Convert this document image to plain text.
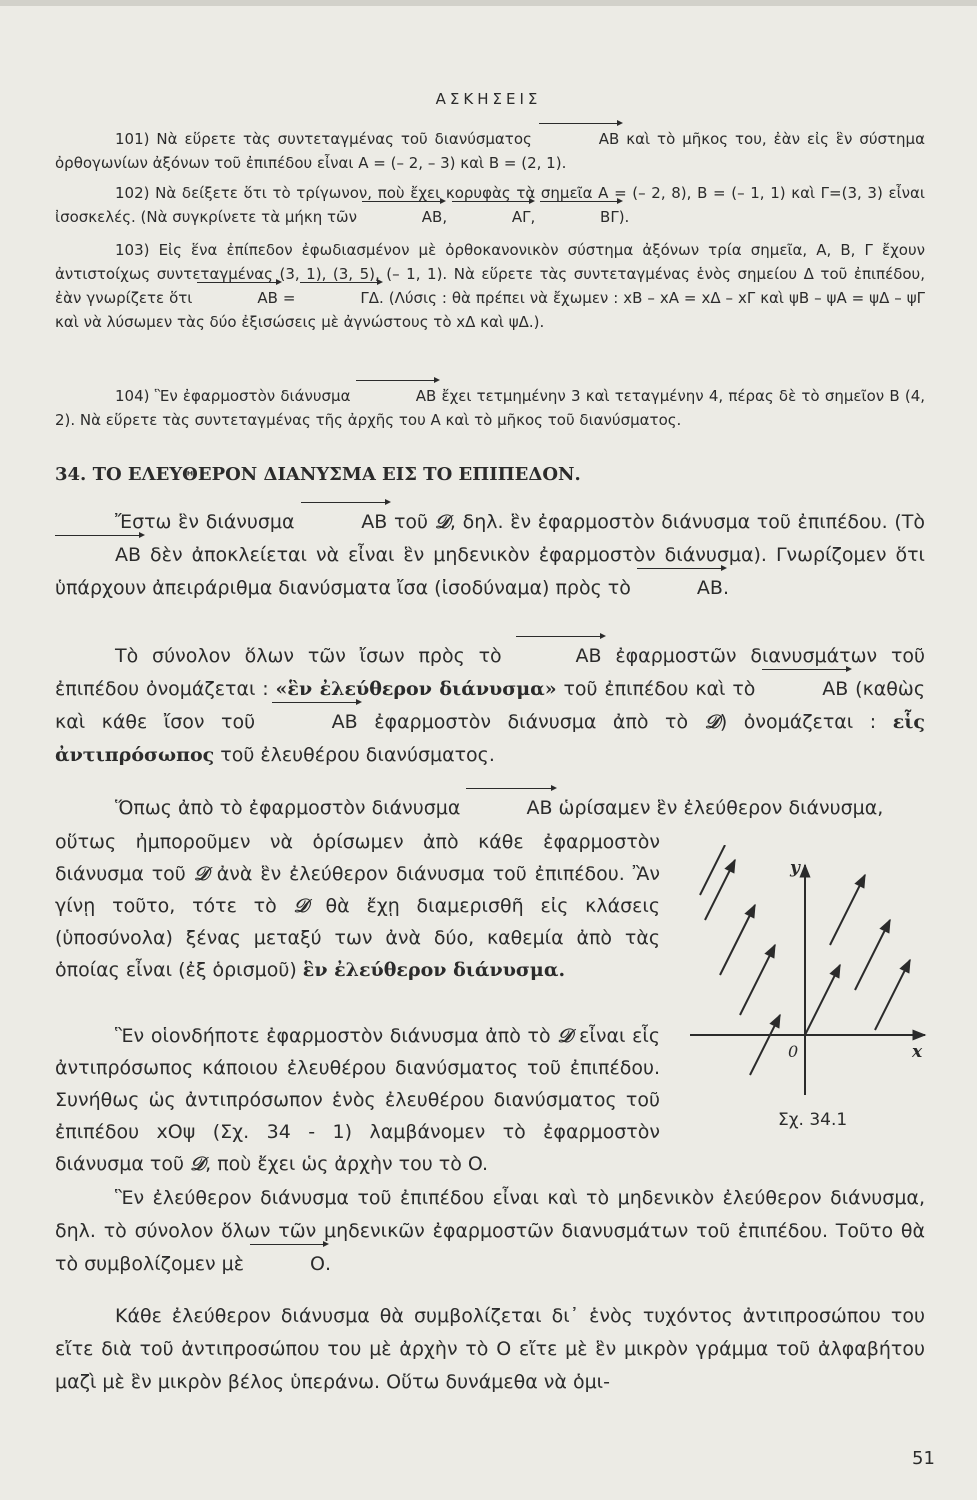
ΑΣΚΗΣΕΙΣ

101) Νὰ εὕρετε τὰς συντεταγμένας τοῦ διανύσματος	AB καὶ τὸ μῆκος του, ἐὰν εἰς ἓν σύστημα ὀρθογωνίων ἀξόνων τοῦ ἐπιπέδου εἶναι A = (– 2, – 3) καὶ B = (2, 1).

102) Νὰ δείξετε ὅτι τὸ τρίγωνον, ποὺ ἔχει κορυφὰς τὰ σημεῖα A = (– 2, 8), B = (– 1, 1) καὶ Γ=(3, 3) εἶναι ἰσοσκελές. (Νὰ συγκρίνετε τὰ μήκη τῶν	AB,	AΓ,	BΓ).

103) Εἰς ἕνα ἐπίπεδον ἐφωδιασμένον μὲ ὀρθοκανονικὸν σύστημα ἀξόνων τρία σημεῖα, A, B, Γ ἔχουν ἀντιστοίχως συντεταγμένας (3, 1), (3, 5), (– 1, 1). Νὰ εὕρετε τὰς συντεταγμένας ἑνὸς σημείου Δ τοῦ ἐπιπέδου, ἐὰν γνωρίζετε ὅτι	AB =	ΓΔ. (Λύσις : θὰ πρέπει νὰ ἔχωμεν : xB – xA = xΔ – xΓ καὶ ψB – ψA = ψΔ – ψΓ καὶ νὰ λύσωμεν τὰς δύο ἐξισώσεις μὲ ἀγνώστους τὸ xΔ καὶ ψΔ.).

104) Ἓν ἐφαρμοστὸν διάνυσμα	AB ἔχει τετμημένην 3 καὶ τεταγμένην 4, πέρας δὲ τὸ σημεῖον B (4, 2). Νὰ εὕρετε τὰς συντεταγμένας τῆς ἀρχῆς του A καὶ τὸ μῆκος τοῦ διανύσματος.

34. ΤΟ ΕΛΕΥΘΕΡΟΝ ΔΙΑΝΥΣΜΑ ΕΙΣ ΤΟ ΕΠΙΠΕΔΟΝ.

Ἔστω ἓν διάνυσμα	AB τοῦ 𝒟, δηλ. ἓν ἐφαρμοστὸν διάνυσμα τοῦ ἐπιπέδου. (Τὸ AB δὲν ἀποκλείεται νὰ εἶναι ἓν μηδενικὸν ἐφαρμοστὸν διάνυσμα). Γνωρίζομεν ὅτι ὑπάρχουν ἀπειράριθμα διανύσματα ἴσα (ἰσοδύναμα) πρὸς τὸ	AB.

Τὸ σύνολον ὅλων τῶν ἴσων πρὸς τὸ	AB ἐφαρμοστῶν διανυσμάτων τοῦ ἐπιπέδου ὀνομάζεται : «ἓν ἐλεύθερον διάνυσμα» τοῦ ἐπιπέδου καὶ τὸ	AB (καθὼς καὶ κάθε ἴσον τοῦ	AB ἐφαρμοστὸν διάνυσμα ἀπὸ τὸ 𝒟) ὀνομάζεται : εἷς ἀντιπρόσωπος τοῦ ἐλευθέρου διανύσματος.

Ὅπως ἀπὸ τὸ ἐφαρμοστὸν διάνυσμα	AB ὡρίσαμεν ἓν ἐλεύθερον διάνυσμα,

οὕτως ἠμποροῦμεν νὰ ὁρίσωμεν ἀπὸ κάθε ἐφαρμοστὸν διάνυσμα τοῦ 𝒟 ἀνὰ ἓν ἐλεύθερον διάνυσμα τοῦ ἐπιπέδου. Ἂν γίνῃ τοῦτο, τότε τὸ 𝒟 θὰ ἔχῃ διαμερισθῆ εἰς κλάσεις (ὑποσύνολα) ξένας μεταξύ των ἀνὰ δύο, καθεμία ἀπὸ τὰς ὁποίας εἶναι (ἐξ ὁρισμοῦ) ἓν ἐλεύθερον διάνυσμα.

Ἓν οἱονδήποτε ἐφαρμοστὸν διάνυσμα ἀπὸ τὸ 𝒟 εἶναι εἷς ἀντιπρόσωπος κάποιου ἐλευθέρου διανύσματος τοῦ ἐπιπέδου. Συνήθως ὡς ἀντιπρόσωπον ἑνὸς ἐλευθέρου διανύσματος τοῦ ἐπιπέδου xOψ (Σχ. 34 - 1) λαμβάνομεν τὸ ἐφαρμοστὸν διάνυσμα τοῦ 𝒟, ποὺ ἔχει ὡς ἀρχὴν του τὸ O.

y
x
0
Σχ. 34.1

Ἓν ἐλεύθερον διάνυσμα τοῦ ἐπιπέδου εἶναι καὶ τὸ μηδενικὸν ἐλεύθερον διάνυσμα, δηλ. τὸ σύνολον ὅλων τῶν μηδενικῶν ἐφαρμοστῶν διανυσμάτων τοῦ ἐπιπέδου. Τοῦτο θὰ τὸ συμβολίζομεν μὲ	O.

Κάθε ἐλεύθερον διάνυσμα θὰ συμβολίζεται δι᾽ ἑνὸς τυχόντος ἀντιπροσώπου του εἴτε διὰ τοῦ ἀντιπροσώπου του μὲ ἀρχὴν τὸ O εἴτε μὲ ἓν μικρὸν γράμμα τοῦ ἀλφαβήτου μαζὶ μὲ ἓν μικρὸν βέλος ὑπεράνω. Οὕτω δυνάμεθα νὰ ὁμι-

51
